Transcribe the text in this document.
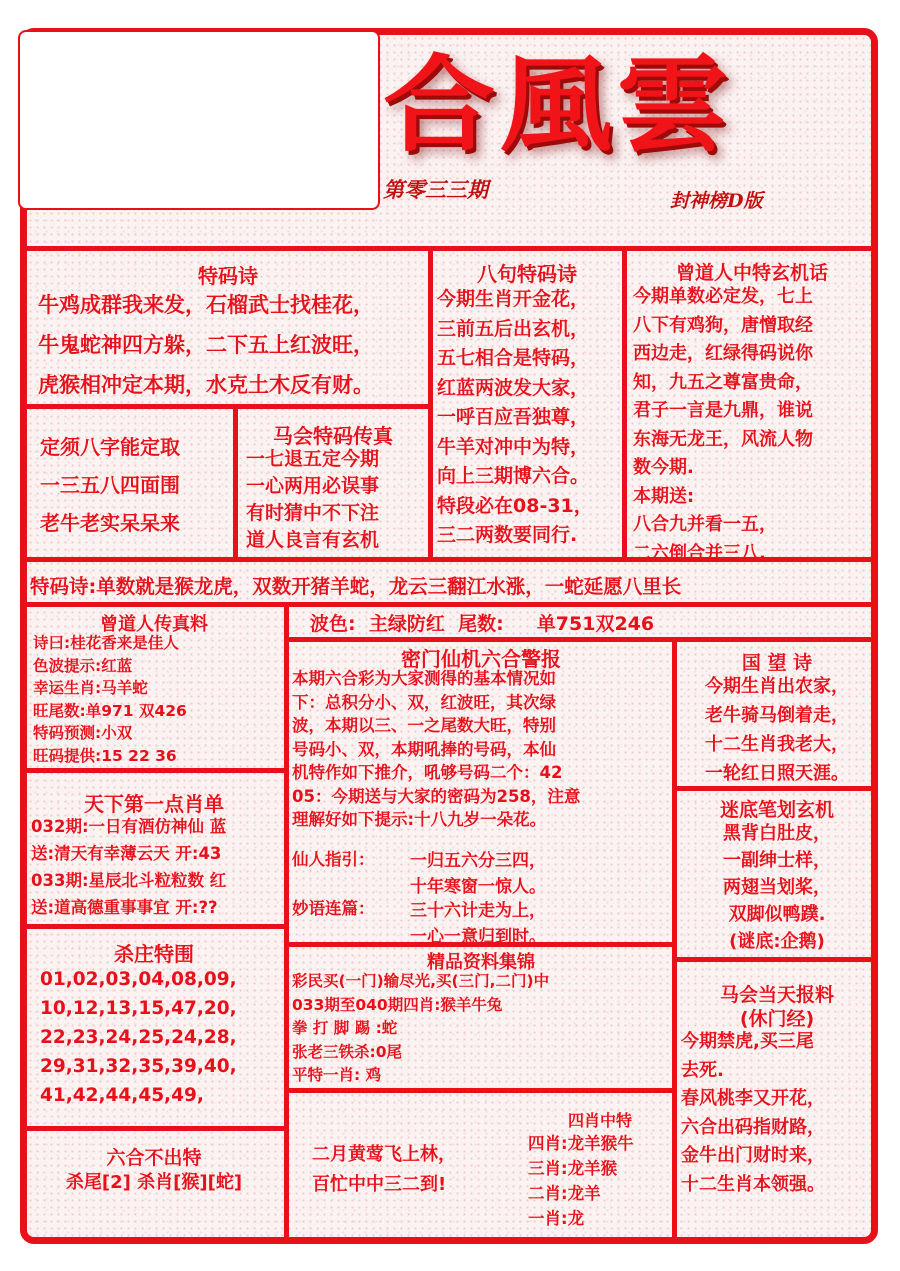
合風雲
第零三三期	封神榜D版
特码诗
牛鸡成群我来发，石榴武士找桂花，
牛鬼蛇神四方躲，二下五上红波旺，
虎猴相冲定本期，水克土木反有财。
八句特码诗
今期生肖开金花，
三前五后出玄机，
五七相合是特码，
红蓝两波发大家，
一呼百应吾独尊，
牛羊对冲中为特，
向上三期博六合。
特段必在08-31，
三二两数要同行.
曾道人中特玄机话
今期单数必定发，七上
八下有鸡狗，唐憎取经
西边走，红绿得码说你
知，九五之尊富贵命，
君子一言是九鼎，谁说
东海无龙王，风流人物
数今期.
本期送:
八合九并看一五，
二六倒合并三八.
定须八字能定取
一三五八四面围
老牛老实呆呆来
马会特码传真
一七退五定今期
一心两用必误事
有时猜中不下注
道人良言有玄机
特码诗:单数就是猴龙虎，双数开猪羊蛇，龙云三翻江水涨，一蛇延愿八里长
曾道人传真料
诗曰:桂花香来是佳人
色波提示:红蓝
幸运生肖:马羊蛇
旺尾数:单971 双426
特码预测:小双
旺码提供:15 22 36
波色: 主绿防红 尾数: 单751双246
密门仙机六合警报
本期六合彩为大家测得的基本情况如
下：总积分小、双，红波旺，其次绿
波，本期以三、一之尾数大旺，特别
号码小、双，本期吼捧的号码，本仙
机特作如下推介，吼够号码二个：42
05：今期送与大家的密码为258，注意
理解好如下提示:十八九岁一朵花。
仙人指引： 一归五六分三四，
十年寒窗一惊人。
妙语连篇： 三十六计走为上，
一心一意归到时。
国 望 诗
今期生肖出农家，
老牛骑马倒着走，
十二生肖我老大，
一轮红日照天涯。
天下第一点肖单
032期:一日有酒仿神仙 蓝
送:清天有幸薄云天 开:43
033期:星辰北斗粒粒数 红
送:道高德重事事宜 开:??
迷底笔划玄机
黑背白肚皮，
一副绅士样，
两翅当划桨，
双脚似鸭蹼.
(谜底:企鹅)
杀庄特围
01,02,03,04,08,09,
10,12,13,15,47,20,
22,23,24,25,24,28,
29,31,32,35,39,40,
41,42,44,45,49,
精品资料集锦
彩民买(一门)输尽光,买(三门,二门)中
033期至040期四肖:猴羊牛兔
拳 打 脚 踢 :蛇
张老三铁杀:0尾
平特一肖: 鸡
马会当天报料
(休门经)
今期禁虎,买三尾
去死.
春风桃李又开花，
六合出码指财路，
金牛出门财时来，
十二生肖本领强。
六合不出特
杀尾[2] 杀肖[猴][蛇]
二月黄莺飞上林，
百忙中中三二到!
四肖中特
四肖:龙羊猴牛
三肖:龙羊猴
二肖:龙羊
一肖:龙
